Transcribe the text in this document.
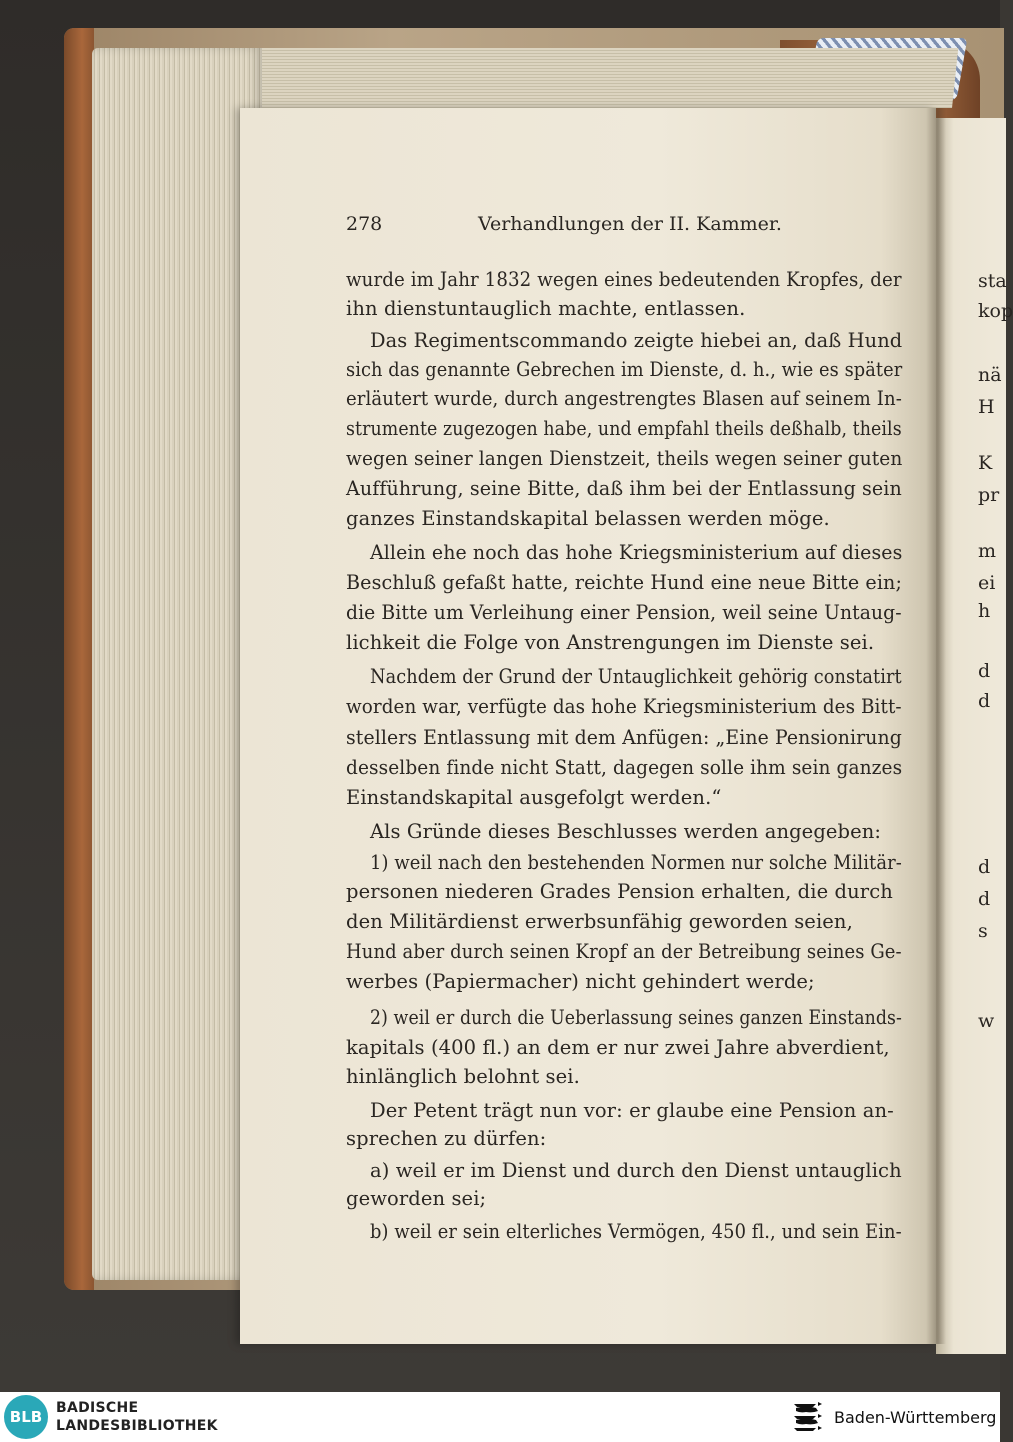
278	Verhandlungen der II. Kammer.
wurde im Jahr 1832 wegen eines bedeutenden Kropfes, der
ihn dienstuntauglich machte, entlassen.
Das Regimentscommando zeigte hiebei an, daß Hund
sich das genannte Gebrechen im Dienste, d. h., wie es später
erläutert wurde, durch angestrengtes Blasen auf seinem In-
strumente zugezogen habe, und empfahl theils deßhalb, theils
wegen seiner langen Dienstzeit, theils wegen seiner guten
Aufführung, seine Bitte, daß ihm bei der Entlassung sein
ganzes Einstandskapital belassen werden möge.
Allein ehe noch das hohe Kriegsministerium auf dieses
Beschluß gefaßt hatte, reichte Hund eine neue Bitte ein;
die Bitte um Verleihung einer Pension, weil seine Untaug-
lichkeit die Folge von Anstrengungen im Dienste sei.
Nachdem der Grund der Untauglichkeit gehörig constatirt
worden war, verfügte das hohe Kriegsministerium des Bitt-
stellers Entlassung mit dem Anfügen: „Eine Pensionirung
desselben finde nicht Statt, dagegen solle ihm sein ganzes
Einstandskapital ausgefolgt werden.“
Als Gründe dieses Beschlusses werden angegeben:
1) weil nach den bestehenden Normen nur solche Militär-
personen niederen Grades Pension erhalten, die durch
den Militärdienst erwerbsunfähig geworden seien,
Hund aber durch seinen Kropf an der Betreibung seines Ge-
werbes (Papiermacher) nicht gehindert werde;
2) weil er durch die Ueberlassung seines ganzen Einstands-
kapitals (400 fl.) an dem er nur zwei Jahre abverdient,
hinlänglich belohnt sei.
Der Petent trägt nun vor: er glaube eine Pension an-
sprechen zu dürfen:
a) weil er im Dienst und durch den Dienst untauglich
geworden sei;
b) weil er sein elterliches Vermögen, 450 fl., und sein Ein-
sta
kop
nä
H
K
pr
m
ei
h
d
d
d
d
s
w
BLB BADISCHE
LANDESBIBLIOTHEK	Baden-Württemberg
